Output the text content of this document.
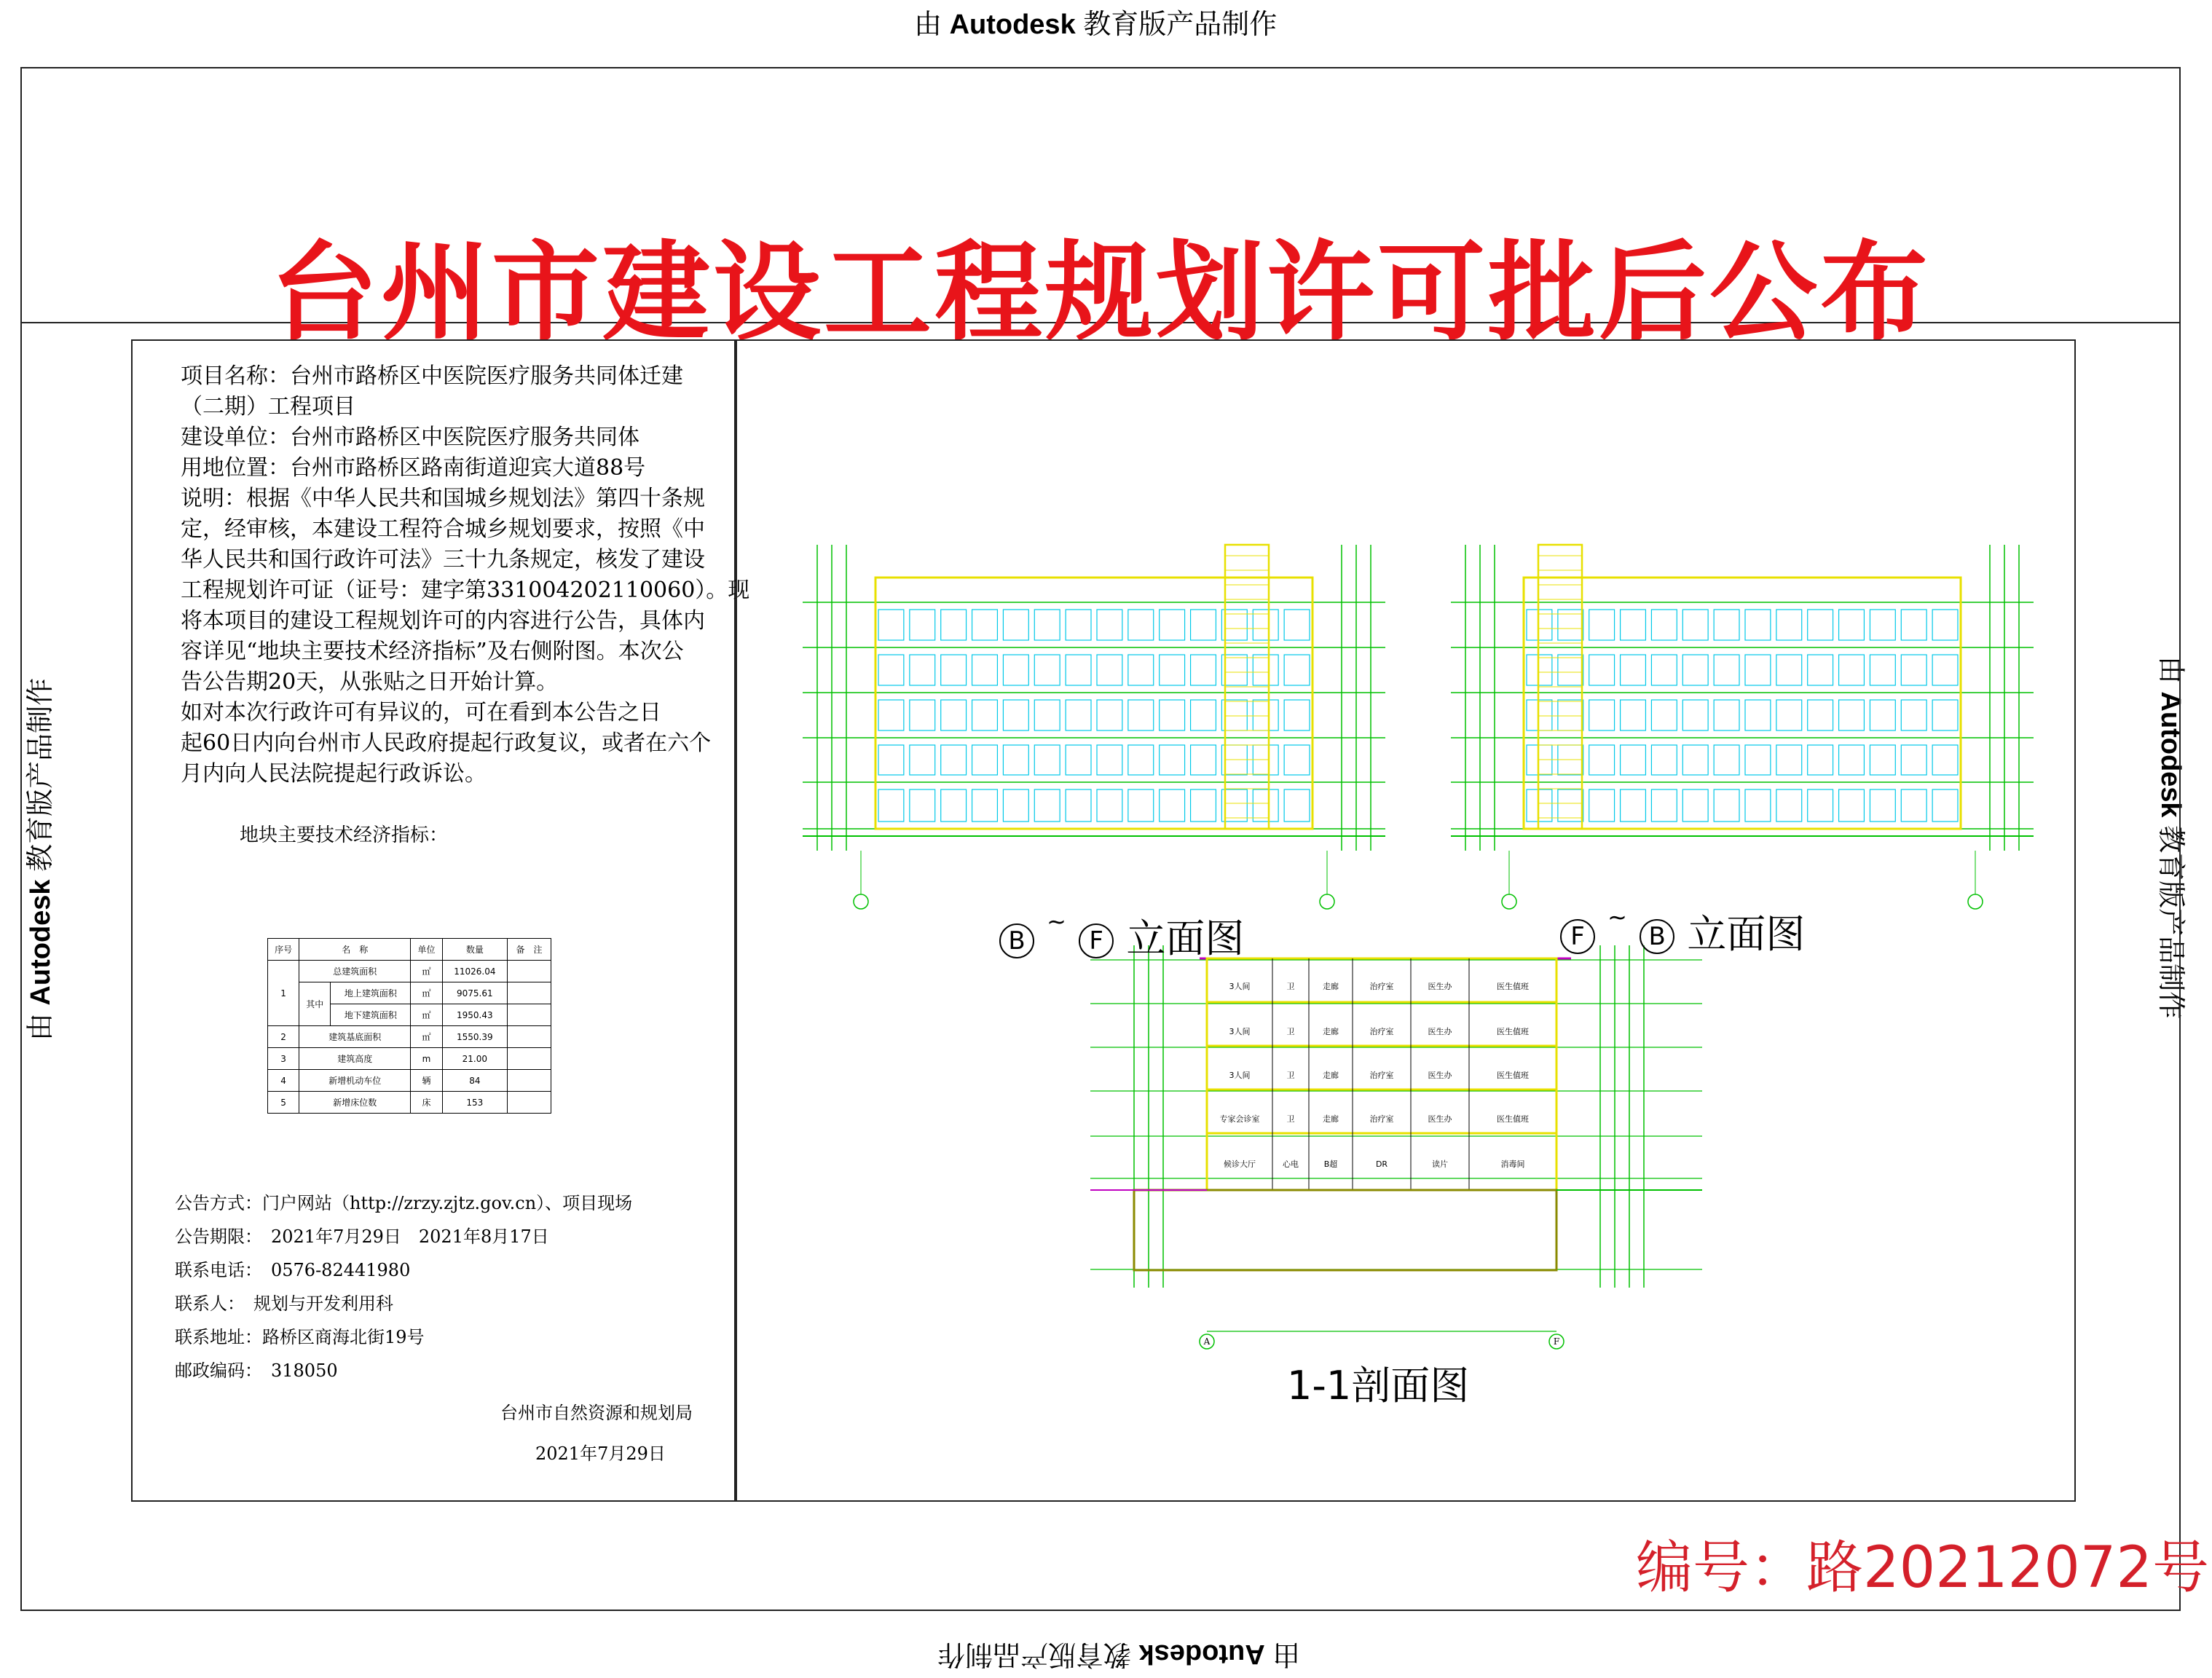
由 Autodesk 教育版产品制作
由 Autodesk 教育版产品制作
由 Autodesk 教育版产品制作
由 Autodesk 教育版产品制作
台州市建设工程规划许可批后公布
项目名称：台州市路桥区中医院医疗服务共同体迁建
（二期）工程项目
建设单位：台州市路桥区中医院医疗服务共同体
用地位置：台州市路桥区路南街道迎宾大道88号
说明：根据《中华人民共和国城乡规划法》第四十条规
定，经审核，本建设工程符合城乡规划要求，按照《中
华人民共和国行政许可法》三十九条规定，核发了建设
工程规划许可证（证号：建字第331004202110060）。现
将本项目的建设工程规划许可的内容进行公告，具体内
容详见“地块主要技术经济指标”及右侧附图。本次公
告公告期20天，从张贴之日开始计算。
如对本次行政许可有异议的，可在看到本公告之日
起60日内向台州市人民政府提起行政复议，或者在六个
月内向人民法院提起行政诉讼。
地块主要技术经济指标：
序号	名　称		单位	数量	备　注
1	总建筑面积		㎡	11026.04	
	其中	地上建筑面积	㎡	9075.61	
		地下建筑面积	㎡	1950.43	
2	建筑基底面积		㎡	1550.39	
3	建筑高度		m	21.00	
4	新增机动车位		辆	84	
5	新增床位数		床	153	
公告方式：门户网站（http://zrzy.zjtz.gov.cn）、项目现场
公告期限：　2021年7月29日　2021年8月17日
联系电话：　0576-82441980
联系人：　规划与开发利用科
联系地址：路桥区商海北街19号
邮政编码：　318050
台州市自然资源和规划局
2021年7月29日
3人间	卫	走廊	治疗室	医生办	医生值班
3人间	卫	走廊	治疗室	医生办	医生值班
3人间	卫	走廊	治疗室	医生办	医生值班
专家会诊室	卫	走廊	治疗室	医生办	医生值班
候诊大厅	心电	B超	DR	读片	消毒间
A	F
B ~ F 立面图	F ~ B 立面图
1-1剖面图
编号：路20212072号
